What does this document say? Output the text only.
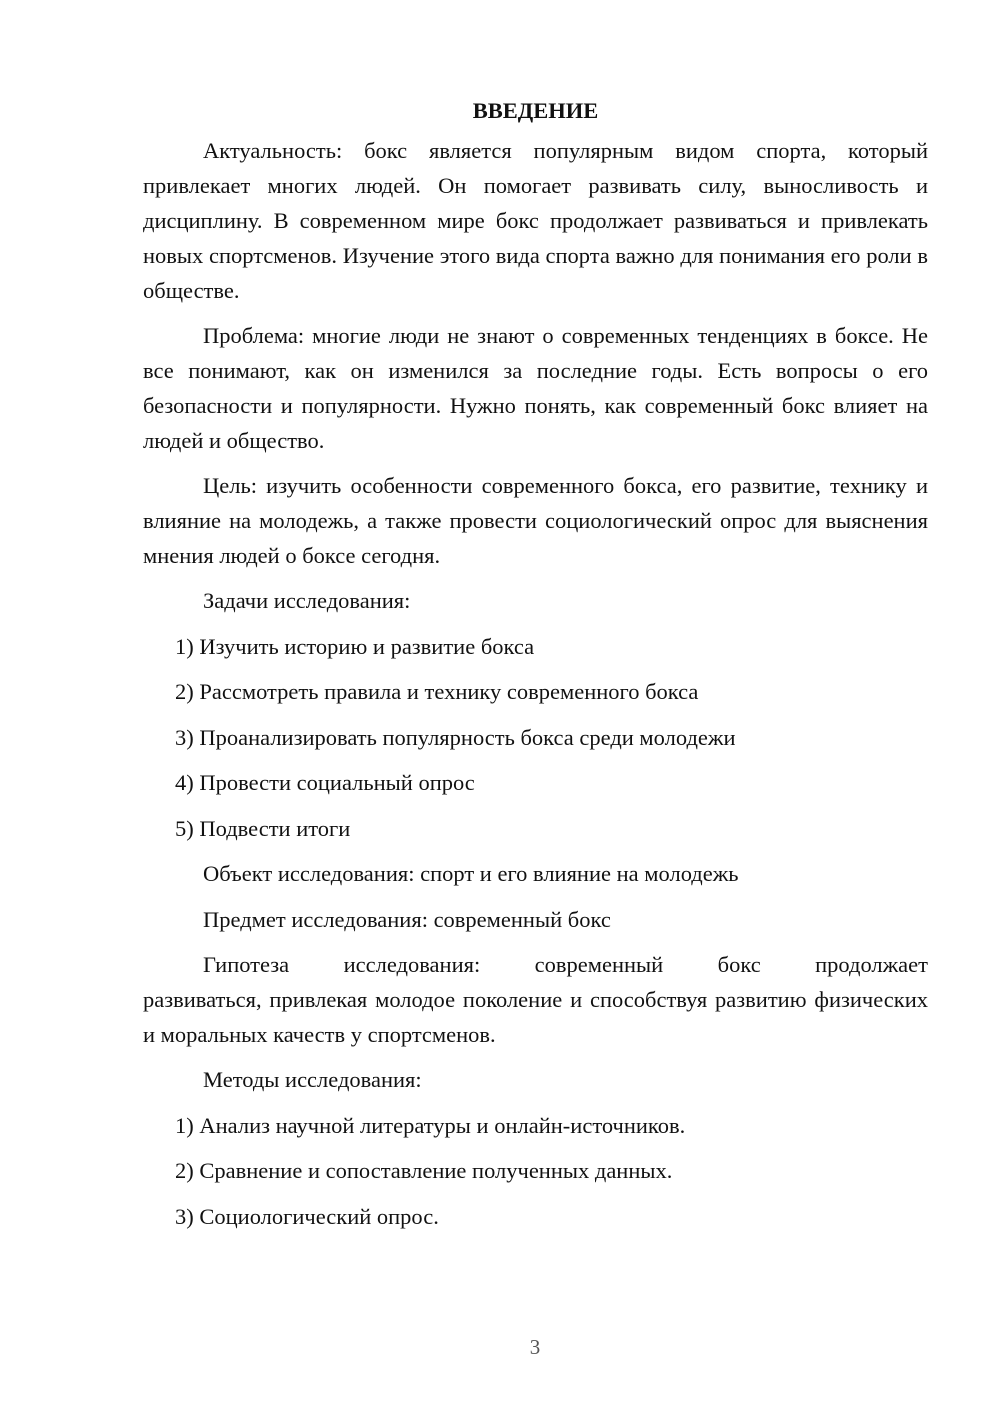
ВВЕДЕНИЕ

Актуальность: бокс является популярным видом спорта, который привлекает многих людей. Он помогает развивать силу, выносливость и дисциплину. В современном мире бокс продолжает развиваться и привлекать новых спортсменов. Изучение этого вида спорта важно для понимания его роли в обществе.

Проблема: многие люди не знают о современных тенденциях в боксе. Не все понимают, как он изменился за последние годы. Есть вопросы о его безопасности и популярности. Нужно понять, как современный бокс влияет на людей и общество.

Цель: изучить особенности современного бокса, его развитие, технику и влияние на молодежь, а также провести социологический опрос для выяснения мнения людей о боксе сегодня.

Задачи исследования:

1) Изучить историю и развитие бокса

2) Рассмотреть правила и технику современного бокса

3) Проанализировать популярность бокса среди молодежи

4) Провести социальный опрос

5) Подвести итоги

Объект исследования: спорт и его влияние на молодежь

Предмет исследования: современный бокс

Гипотеза исследования: современный бокс продолжает
развиваться, привлекая молодое поколение и способствуя развитию физических и моральных качеств у спортсменов.

Методы исследования:

1) Анализ научной литературы и онлайн-источников.

2) Сравнение и сопоставление полученных данных.

3) Социологический опрос.

3
